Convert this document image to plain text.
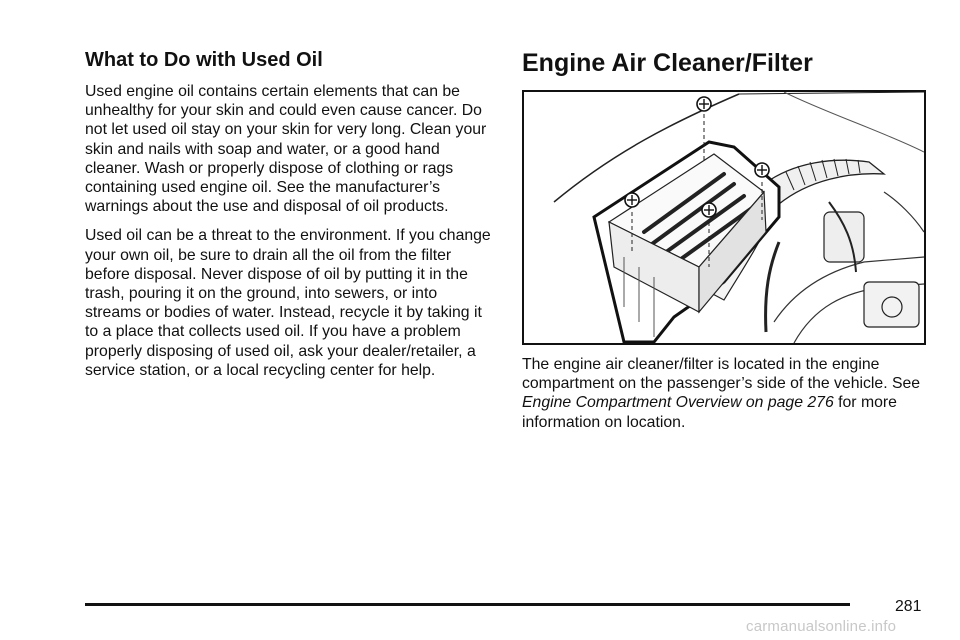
What to Do with Used Oil

Used engine oil contains certain elements that can be unhealthy for your skin and could even cause cancer. Do not let used oil stay on your skin for very long. Clean your skin and nails with soap and water, or a good hand cleaner. Wash or properly dispose of clothing or rags containing used engine oil. See the manufacturer’s warnings about the use and disposal of oil products.

Used oil can be a threat to the environment. If you change your own oil, be sure to drain all the oil from the filter before disposal. Never dispose of oil by putting it in the trash, pouring it on the ground, into sewers, or into streams or bodies of water. Instead, recycle it by taking it to a place that collects used oil. If you have a problem properly disposing of used oil, ask your dealer/retailer, a service station, or a local recycling center for help.

Engine Air Cleaner/Filter

The engine air cleaner/filter is located in the engine compartment on the passenger’s side of the vehicle. See Engine Compartment Overview on page 276 for more information on location.

281
carmanualsonline.info
